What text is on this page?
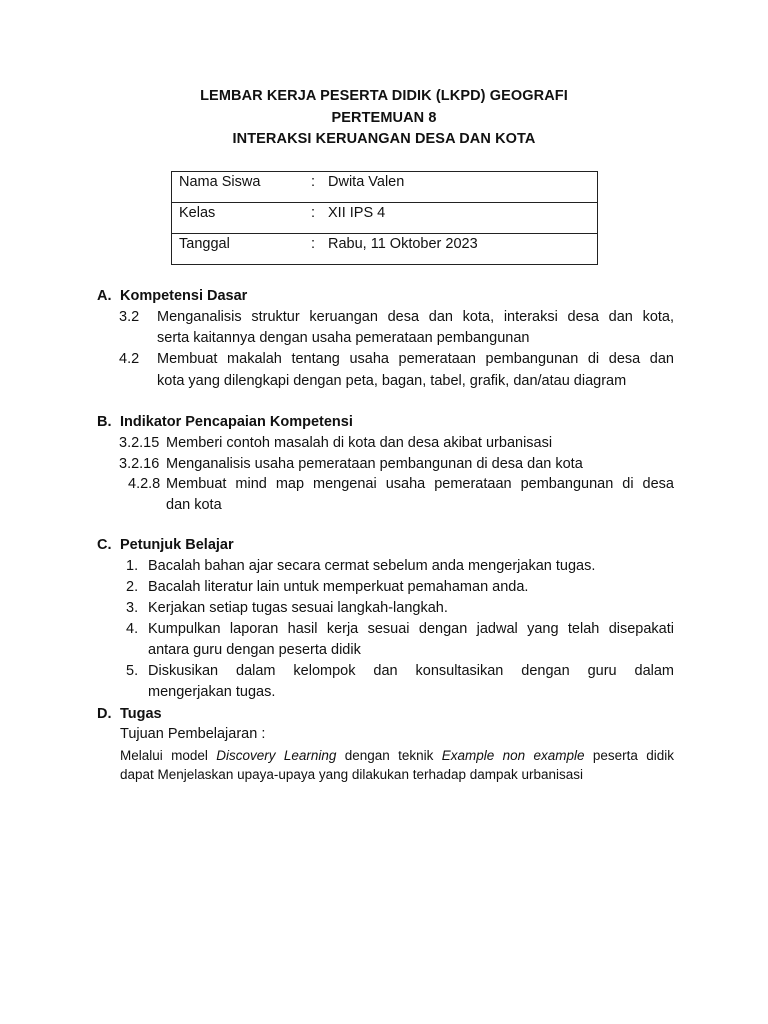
LEMBAR KERJA PESERTA DIDIK (LKPD) GEOGRAFI
PERTEMUAN 8
INTERAKSI KERUANGAN DESA DAN KOTA
Nama Siswa	:	Dwita Valen
Kelas	:	XII IPS 4
Tanggal	:	Rabu, 11 Oktober 2023
A. Kompetensi Dasar
3.2 Menganalisis struktur keruangan desa dan kota, interaksi desa dan kota,
serta kaitannya dengan usaha pemerataan pembangunan
4.2 Membuat makalah tentang usaha pemerataan pembangunan di desa dan
kota yang dilengkapi dengan peta, bagan, tabel, grafik, dan/atau diagram
B. Indikator Pencapaian Kompetensi
3.2.15 Memberi contoh masalah di kota dan desa akibat urbanisasi
3.2.16 Menganalisis usaha pemerataan pembangunan di desa dan kota
4.2.8 Membuat mind map mengenai usaha pemerataan pembangunan di desa
dan kota
C. Petunjuk Belajar
1. Bacalah bahan ajar secara cermat sebelum anda mengerjakan tugas.
2. Bacalah literatur lain untuk memperkuat pemahaman anda.
3. Kerjakan setiap tugas sesuai langkah-langkah.
4. Kumpulkan laporan hasil kerja sesuai dengan jadwal yang telah disepakati
antara guru dengan peserta didik
5. Diskusikan dalam kelompok dan konsultasikan dengan guru dalam
mengerjakan tugas.
D. Tugas
Tujuan Pembelajaran :
Melalui model Discovery Learning dengan teknik Example non example peserta didik
dapat Menjelaskan upaya-upaya yang dilakukan terhadap dampak urbanisasi
